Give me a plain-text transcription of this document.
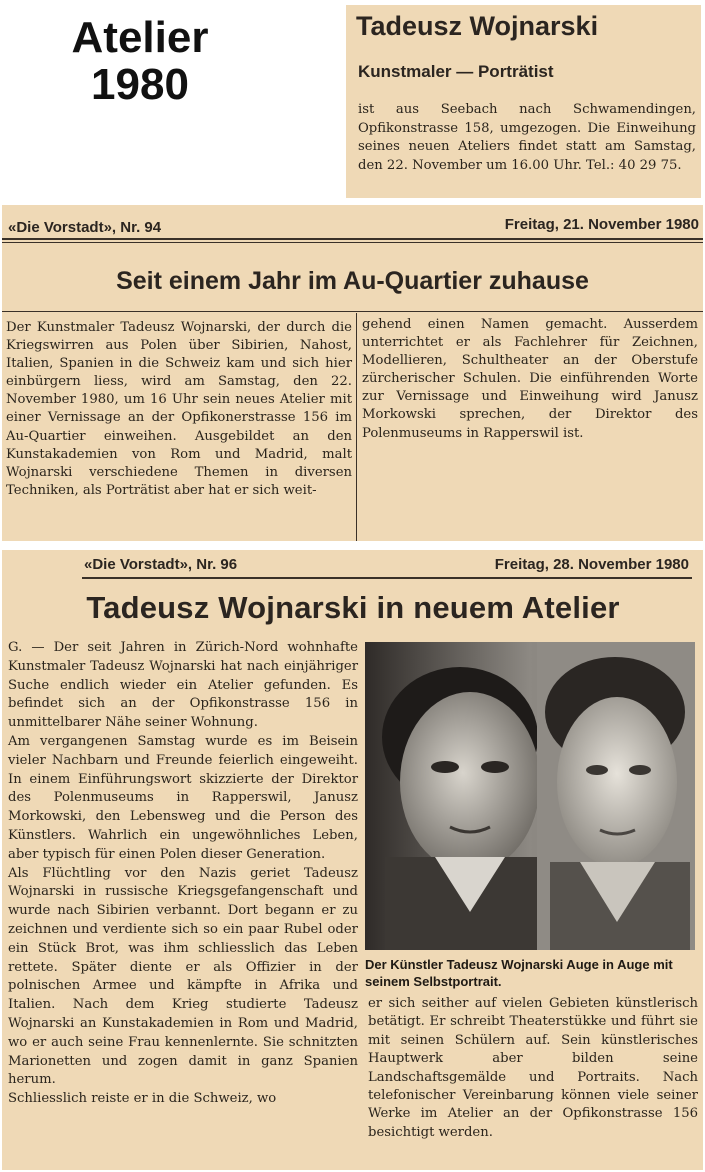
Atelier
1980
Tadeusz Wojnarski
Kunstmaler — Porträtist
ist aus Seebach nach Schwamendingen, Opfikonstrasse 158, umgezogen. Die Einweihung seines neuen Ateliers findet statt am Samstag, den 22. November um 16.00 Uhr. Tel.: 40 29 75.
«Die Vorstadt», Nr. 94	Freitag, 21. November 1980
Seit einem Jahr im Au-Quartier zuhause
Der Kunstmaler Tadeusz Wojnarski, der durch die Kriegswirren aus Polen über Sibirien, Nahost, Italien, Spanien in die Schweiz kam und sich hier einbürgern liess, wird am Samstag, den 22. November 1980, um 16 Uhr sein neues Atelier mit einer Vernissage an der Opfikonerstrasse 156 im Au-Quartier einweihen. Ausgebildet an den Kunstakademien von Rom und Madrid, malt Wojnarski verschiedene Themen in diversen Techniken, als Porträtist aber hat er sich weit-
gehend einen Namen gemacht. Ausserdem unterrichtet er als Fachlehrer für Zeichnen, Modellieren, Schultheater an der Oberstufe zürcherischer Schulen. Die einführenden Worte zur Vernissage und Einweihung wird Janusz Morkowski sprechen, der Direktor des Polenmuseums in Rapperswil ist.
«Die Vorstadt», Nr. 96	Freitag, 28. November 1980
Tadeusz Wojnarski in neuem Atelier

G. — Der seit Jahren in Zürich-Nord wohnhafte Kunstmaler Tadeusz Wojnarski hat nach einjähriger Suche endlich wieder ein Atelier gefunden. Es befindet sich an der Opfikonstrasse 156 in unmittelbarer Nähe seiner Wohnung.

Am vergangenen Samstag wurde es im Beisein vieler Nachbarn und Freunde feierlich eingeweiht. In einem Einführungswort skizzierte der Direktor des Polenmuseums in Rapperswil, Janusz Morkowski, den Lebensweg und die Person des Künstlers. Wahrlich ein ungewöhnliches Leben, aber typisch für einen Polen dieser Generation.

Als Flüchtling vor den Nazis geriet Tadeusz Wojnarski in russische Kriegsgefangenschaft und wurde nach Sibirien verbannt. Dort begann er zu zeichnen und verdiente sich so ein paar Rubel oder ein Stück Brot, was ihm schliesslich das Leben rettete. Später diente er als Offizier in der polnischen Armee und kämpfte in Afrika und Italien. Nach dem Krieg studierte Tadeusz Wojnarski an Kunstakademien in Rom und Madrid, wo er auch seine Frau kennenlernte. Sie schnitzten Marionetten und zogen damit in ganz Spanien herum.

Schliesslich reiste er in die Schweiz, wo

Der Künstler Tadeusz Wojnarski Auge in Auge mit seinem Selbstportrait.
er sich seither auf vielen Gebieten künstlerisch betätigt. Er schreibt Theaterstükke und führt sie mit seinen Schülern auf. Sein künstlerisches Hauptwerk aber bilden seine Landschaftsgemälde und Portraits. Nach telefonischer Vereinbarung können viele seiner Werke im Atelier an der Opfikonstrasse 156 besichtigt werden.
